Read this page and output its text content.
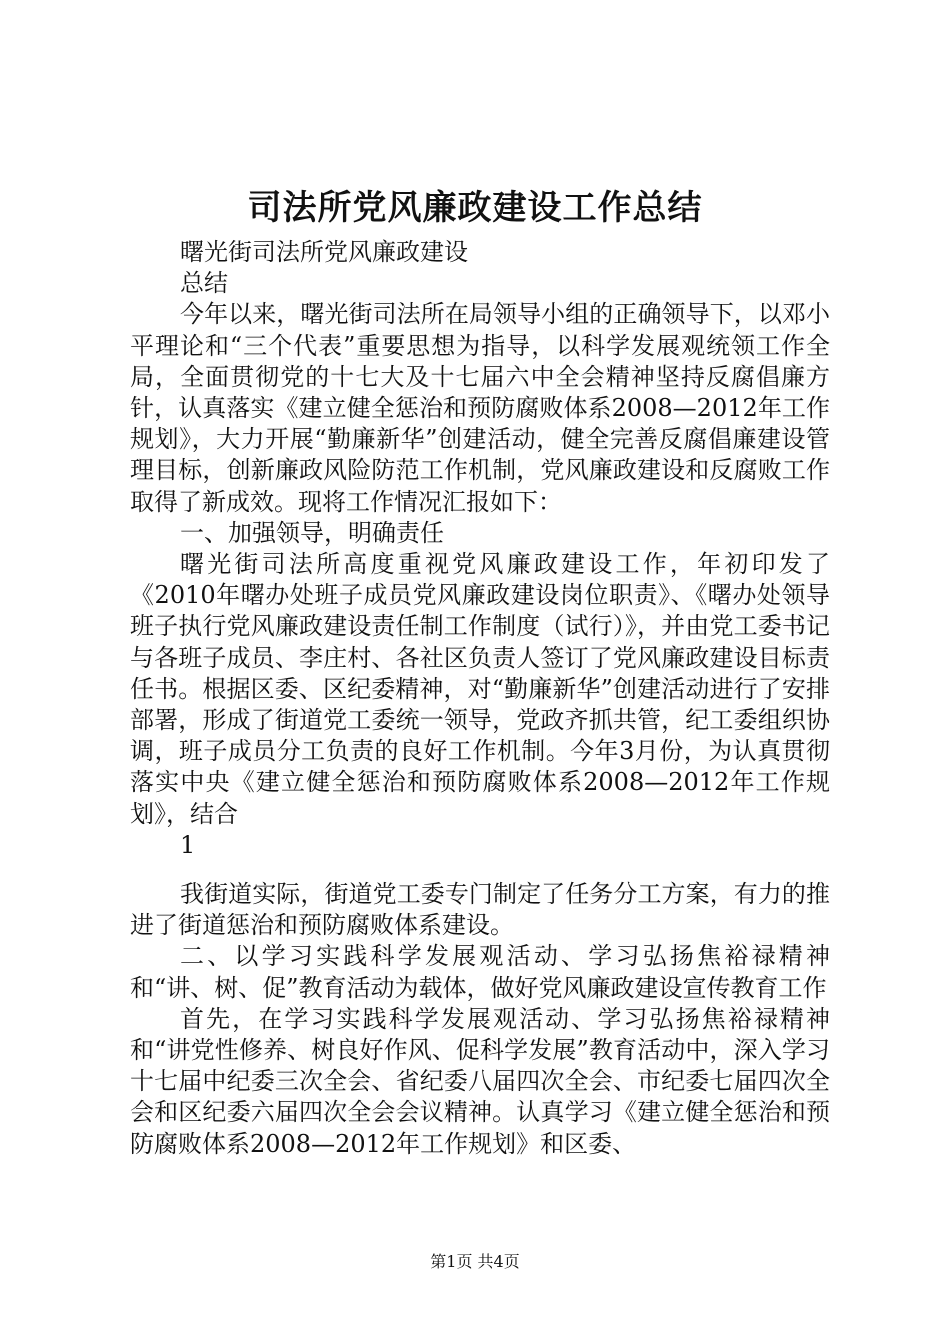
司法所党风廉政建设工作总结

曙光街司法所党风廉政建设

总结

今年以来，曙光街司法所在局领导小组的正确领导下，以邓小平理论和“三个代表”重要思想为指导，以科学发展观统领工作全局，全面贯彻党的十七大及十七届六中全会精神坚持反腐倡廉方针，认真落实《建立健全惩治和预防腐败体系2008—2012年工作规划》，大力开展“勤廉新华”创建活动，健全完善反腐倡廉建设管理目标，创新廉政风险防范工作机制，党风廉政建设和反腐败工作取得了新成效。现将工作情况汇报如下：

一、加强领导，明确责任

曙光街司法所高度重视党风廉政建设工作，年初印发了《2010年曙办处班子成员党风廉政建设岗位职责》、《曙办处领导班子执行党风廉政建设责任制工作制度（试行）》，并由党工委书记与各班子成员、李庄村、各社区负责人签订了党风廉政建设目标责任书。根据区委、区纪委精神，对“勤廉新华”创建活动进行了安排部署，形成了街道党工委统一领导，党政齐抓共管，纪工委组织协调，班子成员分工负责的良好工作机制。今年3月份，为认真贯彻落实中央《建立健全惩治和预防腐败体系2008—2012年工作规划》，结合

1

我街道实际，街道党工委专门制定了任务分工方案，有力的推进了街道惩治和预防腐败体系建设。

二、以学习实践科学发展观活动、学习弘扬焦裕禄精神和“讲、树、促”教育活动为载体，做好党风廉政建设宣传教育工作

首先，在学习实践科学发展观活动、学习弘扬焦裕禄精神和“讲党性修养、树良好作风、促科学发展”教育活动中，深入学习十七届中纪委三次全会、省纪委八届四次全会、市纪委七届四次全会和区纪委六届四次全会会议精神。认真学习《建立健全惩治和预防腐败体系2008—2012年工作规划》和区委、

第1页 共4页
